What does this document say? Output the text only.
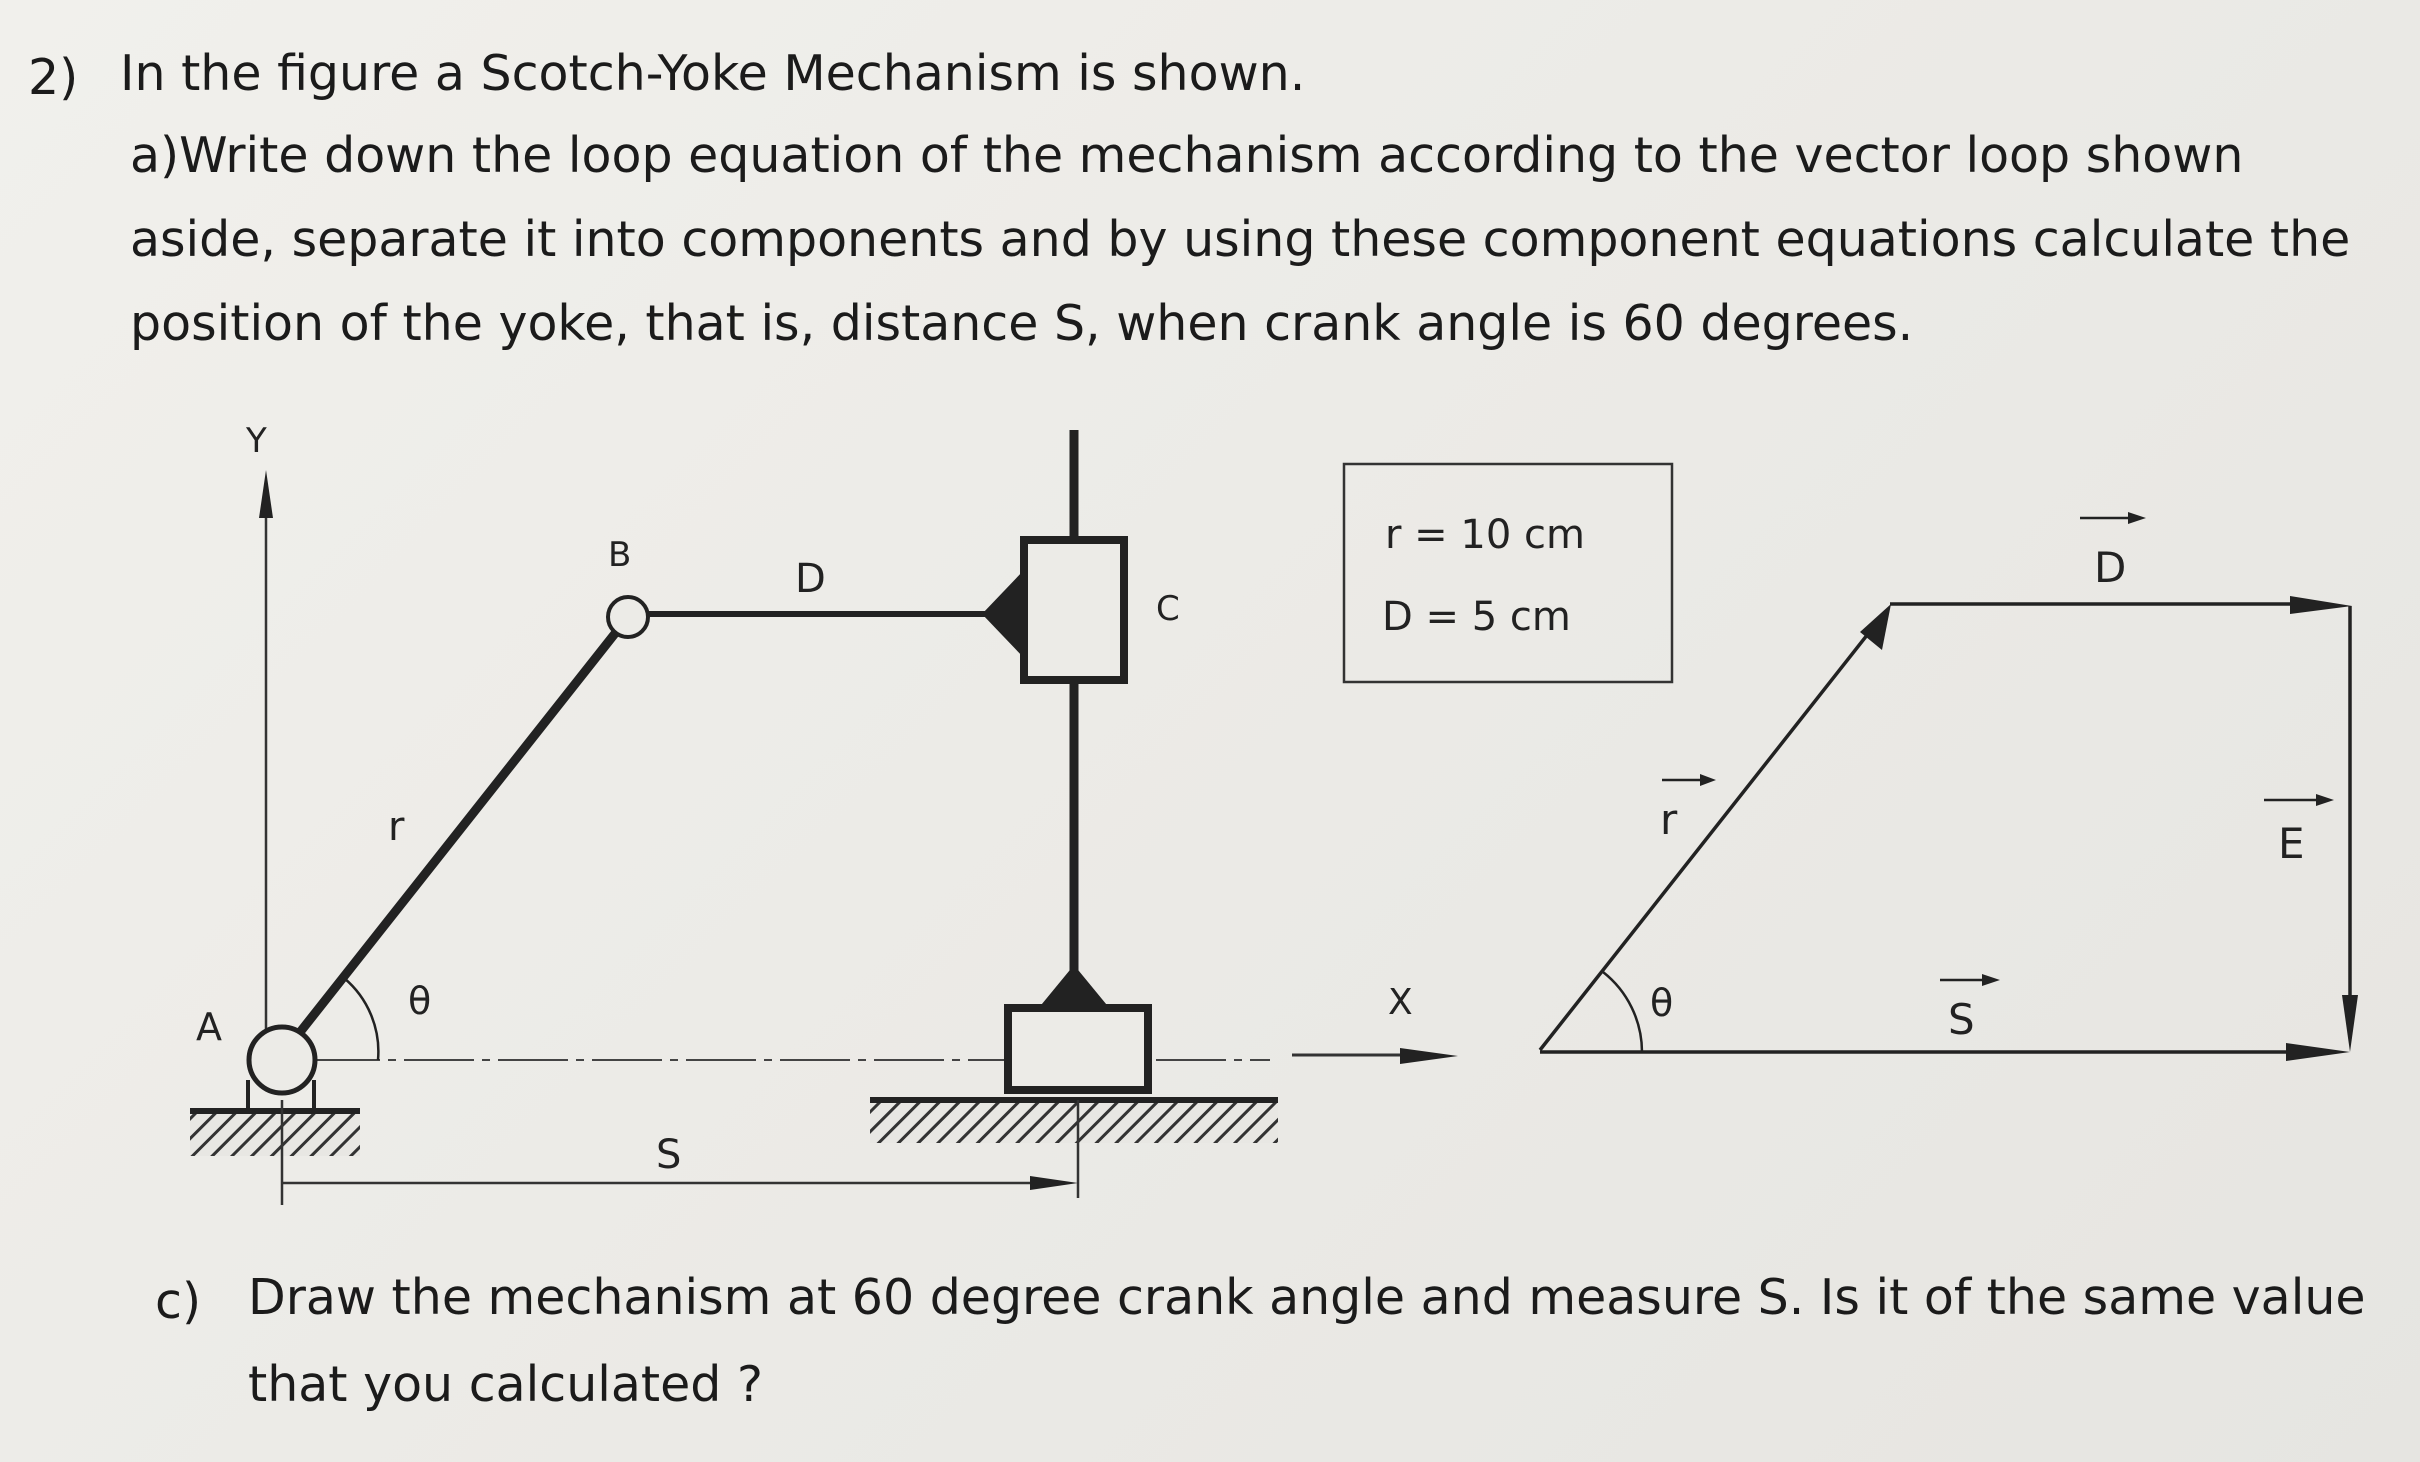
2) In the figure a Scotch-Yoke Mechanism is shown.

a)Write down the loop equation of the mechanism according to the vector loop shown

aside, separate it into components and by using these component equations calculate the

position of the yoke, that is, distance S, when crank angle is 60 degrees.

Y
A
B
r
θ
D
C
S
X
r = 10 cm
D = 5 cm
r
D
E
S
θ

c) Draw the mechanism at 60 degree crank angle and measure S. Is it of the same value

that you calculated ?
